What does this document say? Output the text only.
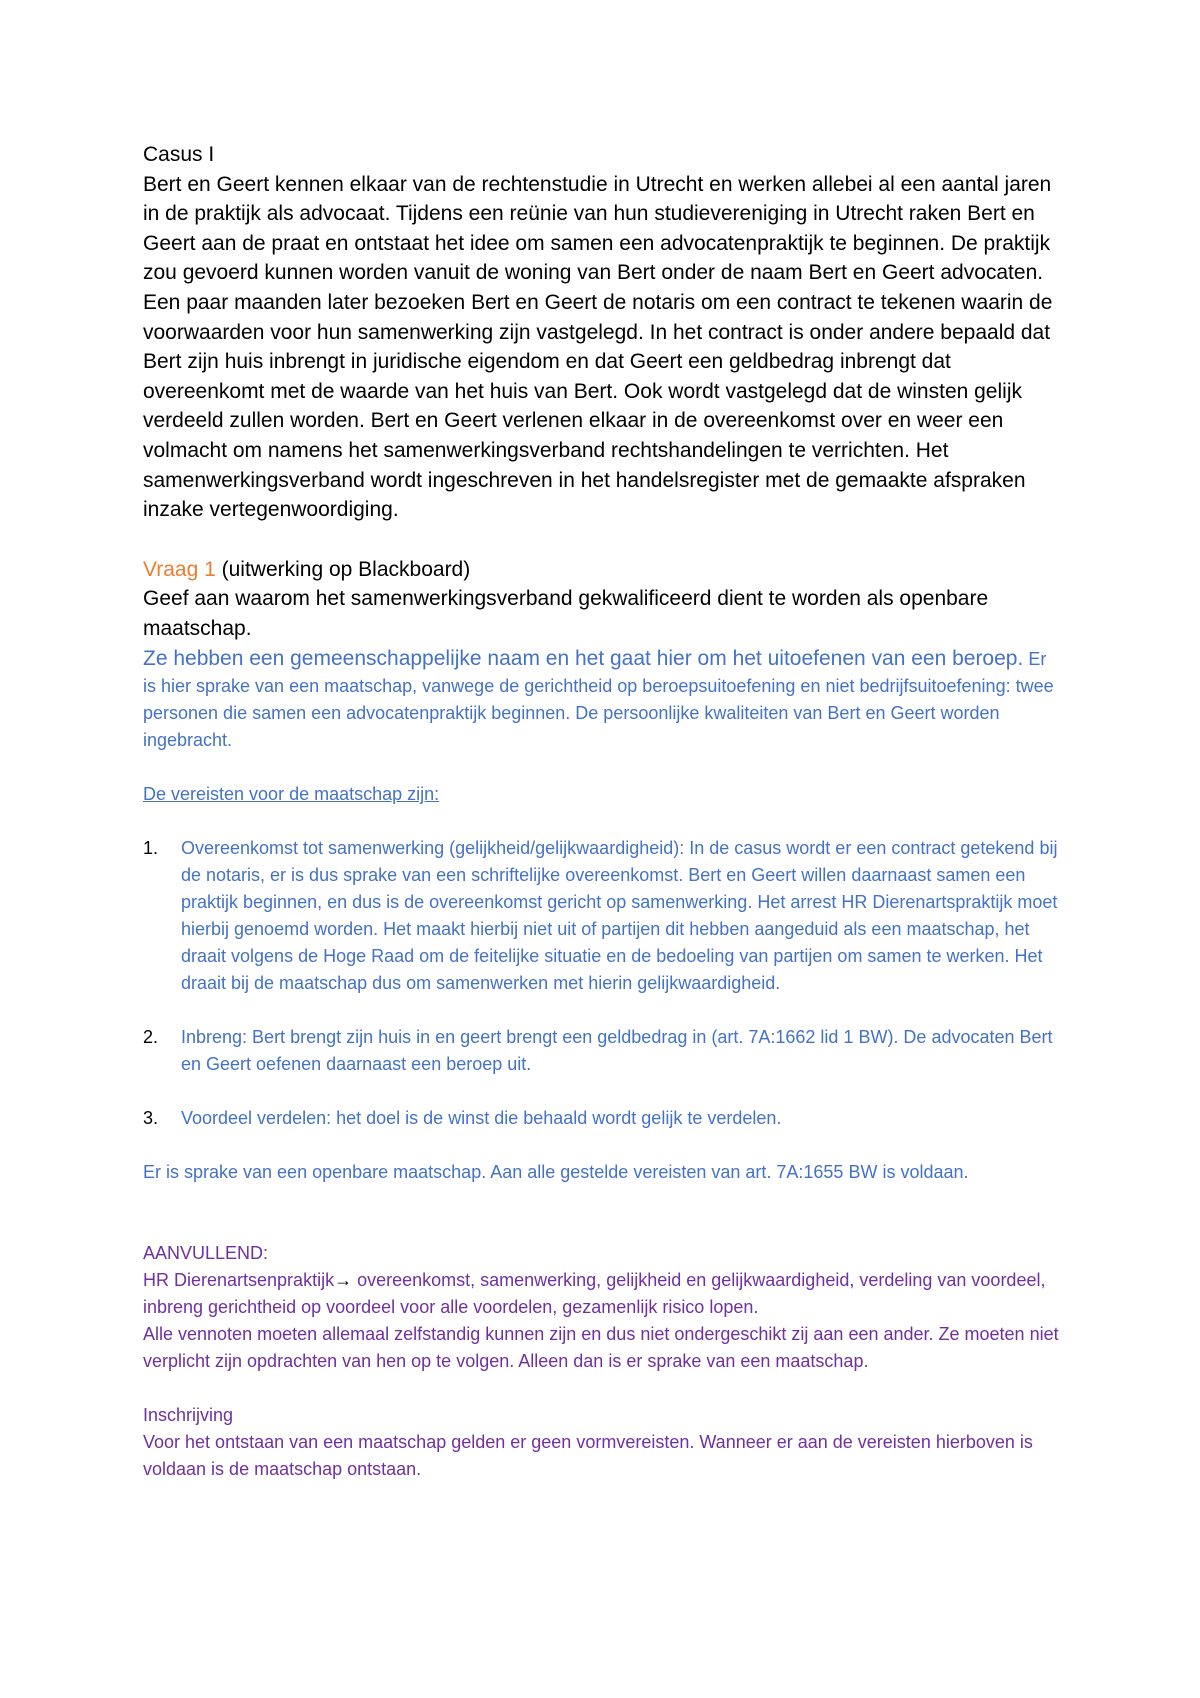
Casus I

Bert en Geert kennen elkaar van de rechtenstudie in Utrecht en werken allebei al een aantal jaren in de praktijk als advocaat. Tijdens een reünie van hun studievereniging in Utrecht raken Bert en Geert aan de praat en ontstaat het idee om samen een advocatenpraktijk te beginnen. De praktijk zou gevoerd kunnen worden vanuit de woning van Bert onder de naam Bert en Geert advocaten. Een paar maanden later bezoeken Bert en Geert de notaris om een contract te tekenen waarin de voorwaarden voor hun samenwerking zijn vastgelegd. In het contract is onder andere bepaald dat Bert zijn huis inbrengt in juridische eigendom en dat Geert een geldbedrag inbrengt dat overeenkomt met de waarde van het huis van Bert. Ook wordt vastgelegd dat de winsten gelijk verdeeld zullen worden. Bert en Geert verlenen elkaar in de overeenkomst over en weer een volmacht om namens het samenwerkingsverband rechtshandelingen te verrichten. Het samenwerkingsverband wordt ingeschreven in het handelsregister met de gemaakte afspraken inzake vertegenwoordiging.

Vraag 1 (uitwerking op Blackboard)

Geef aan waarom het samenwerkingsverband gekwalificeerd dient te worden als openbare maatschap.

Ze hebben een gemeenschappelijke naam en het gaat hier om het uitoefenen van een beroep. Er is hier sprake van een maatschap, vanwege de gerichtheid op beroepsuitoefening en niet bedrijfsuitoefening: twee personen die samen een advocatenpraktijk beginnen. De persoonlijke kwaliteiten van Bert en Geert worden ingebracht.

De vereisten voor de maatschap zijn:

1. Overeenkomst tot samenwerking (gelijkheid/gelijkwaardigheid): In de casus wordt er een contract getekend bij de notaris, er is dus sprake van een schriftelijke overeenkomst. Bert en Geert willen daarnaast samen een praktijk beginnen, en dus is de overeenkomst gericht op samenwerking. Het arrest HR Dierenartspraktijk moet hierbij genoemd worden. Het maakt hierbij niet uit of partijen dit hebben aangeduid als een maatschap, het draait volgens de Hoge Raad om de feitelijke situatie en de bedoeling van partijen om samen te werken. Het draait bij de maatschap dus om samenwerken met hierin gelijkwaardigheid.
2. Inbreng: Bert brengt zijn huis in en geert brengt een geldbedrag in (art. 7A:1662 lid 1 BW). De advocaten Bert en Geert oefenen daarnaast een beroep uit.
3. Voordeel verdelen: het doel is de winst die behaald wordt gelijk te verdelen.

Er is sprake van een openbare maatschap. Aan alle gestelde vereisten van art. 7A:1655 BW is voldaan.

AANVULLEND:

HR Dierenartsenpraktijk→ overeenkomst, samenwerking, gelijkheid en gelijkwaardigheid, verdeling van voordeel, inbreng gerichtheid op voordeel voor alle voordelen, gezamenlijk risico lopen.

Alle vennoten moeten allemaal zelfstandig kunnen zijn en dus niet ondergeschikt zij aan een ander. Ze moeten niet verplicht zijn opdrachten van hen op te volgen. Alleen dan is er sprake van een maatschap.

Inschrijving

Voor het ontstaan van een maatschap gelden er geen vormvereisten. Wanneer er aan de vereisten hierboven is voldaan is de maatschap ontstaan.
